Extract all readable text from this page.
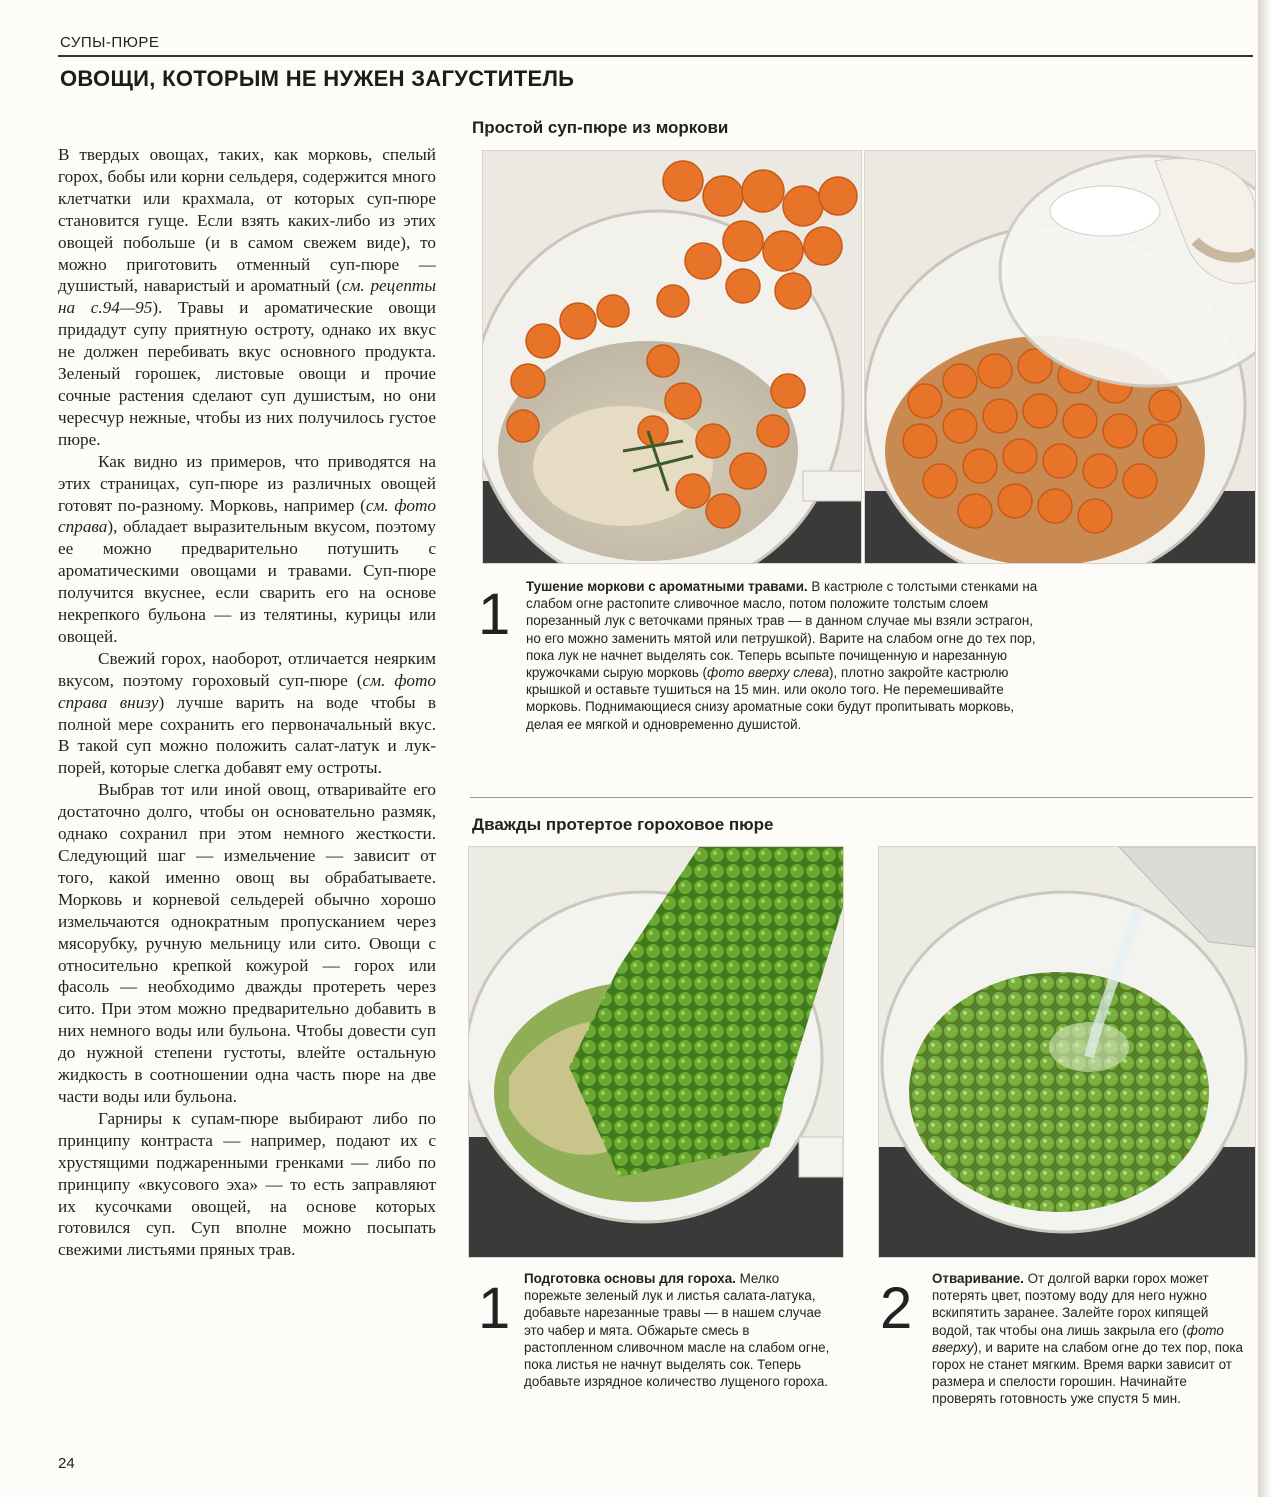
СУПЫ-ПЮРЕ
ОВОЩИ, КОТОРЫМ НЕ НУЖЕН ЗАГУСТИТЕЛЬ

В твердых овощах, таких, как морковь, спелый горох, бобы или корни сельдеря, содержится много клетчатки или крахмала, от которых суп-пюре становится гуще. Если взять каких-либо из этих овощей побольше (и в самом свежем виде), то можно приготовить отменный суп-пюре — душистый, наваристый и ароматный (см. рецепты на с.94—95). Травы и ароматические овощи придадут супу приятную остроту, однако их вкус не должен перебивать вкус основного продукта. Зеленый горошек, листовые овощи и прочие сочные растения сделают суп душистым, но они чересчур нежные, чтобы из них получилось густое пюре.

Как видно из примеров, что приводятся на этих страницах, суп-пюре из различных овощей готовят по-разному. Морковь, например (см. фото справа), обладает выразительным вкусом, поэтому ее можно предварительно потушить с ароматическими овощами и травами. Суп-пюре получится вкуснее, если сварить его на основе некрепкого бульона — из телятины, курицы или овощей.

Свежий горох, наоборот, отличается неярким вкусом, поэтому гороховый суп-пюре (см. фото справа внизу) лучше варить на воде чтобы в полной мере сохранить его первоначальный вкус. В такой суп можно положить салат-латук и лук-порей, которые слегка добавят ему остроты.

Выбрав тот или иной овощ, отваривайте его достаточно долго, чтобы он основательно размяк, однако сохранил при этом немного жесткости. Следующий шаг — измельчение — зависит от того, какой именно овощ вы обрабатываете. Морковь и корневой сельдерей обычно хорошо измельчаются однократным пропусканием через мясорубку, ручную мельницу или сито. Овощи с относительно крепкой кожурой — горох или фасоль — необходимо дважды протереть через сито. При этом можно предварительно добавить в них немного воды или бульона. Чтобы довести суп до нужной степени густоты, влейте остальную жидкость в соотношении одна часть пюре на две части воды или бульона.

Гарниры к супам-пюре выбирают либо по принципу контраста — например, подают их с хрустящими поджаренными гренками — либо по принципу «вкусового эха» — то есть заправляют их кусочками овощей, на основе которых готовился суп. Суп вполне можно посыпать свежими листьями пряных трав.

Простой суп-пюре из моркови
1 Тушение моркови с ароматными травами. В кастрюле с толстыми стенками на слабом огне растопите сливочное масло, потом положите толстым слоем порезанный лук с веточками пряных трав — в данном случае мы взяли эстрагон, но его можно заменить мятой или петрушкой). Варите на слабом огне до тех пор, пока лук не начнет выделять сок. Теперь всыпьте почищенную и нарезанную кружочками сырую морковь (фото вверху слева), плотно закройте кастрюлю крышкой и оставьте тушиться на 15 мин. или около того. Не перемешивайте морковь. Поднимающиеся снизу ароматные соки будут пропитывать морковь, делая ее мягкой и одновременно душистой.
Дважды протертое гороховое пюре
1 Подготовка основы для гороха. Мелко порежьте зеленый лук и листья салата-латука, добавьте нарезанные травы — в нашем случае это чабер и мята. Обжарьте смесь в растопленном сливочном масле на слабом огне, пока листья не начнут выделять сок. Теперь добавьте изрядное количество лущеного гороха.
2 Отваривание. От долгой варки горох может потерять цвет, поэтому воду для него нужно вскипятить заранее. Залейте горох кипящей водой, так чтобы она лишь закрыла его (фото вверху), и варите на слабом огне до тех пор, пока горох не станет мягким. Время варки зависит от размера и спелости горошин. Начинайте проверять готовность уже спустя 5 мин.
24
